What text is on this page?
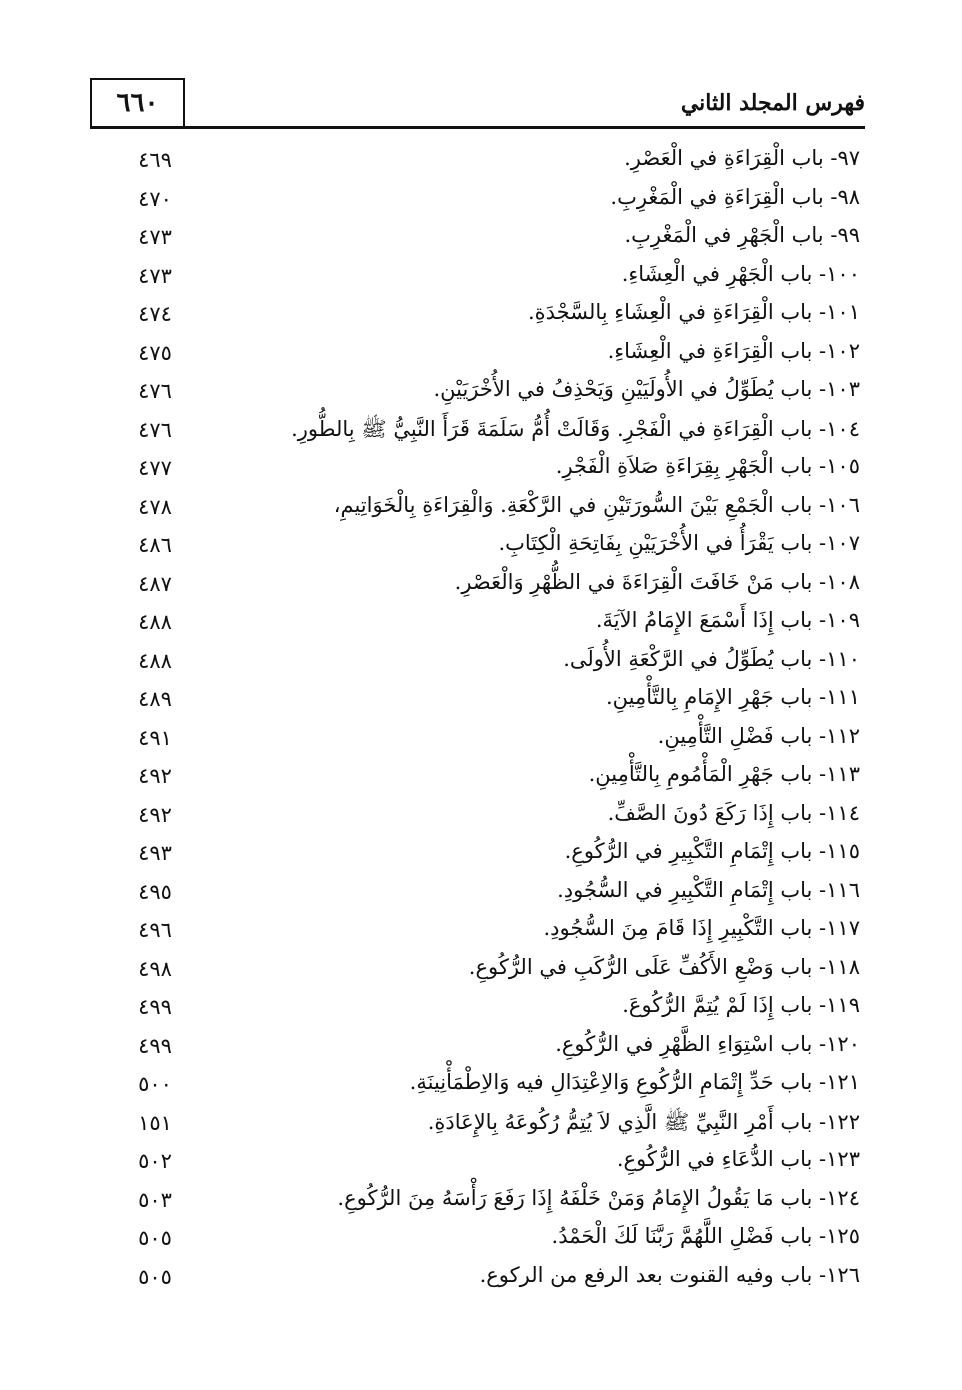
٦٦٠	فهرس المجلد الثاني
٩٧- باب الْقِرَاءَةِ في الْعَصْرِ.
٤٦٩
٩٨- باب الْقِرَاءَةِ في الْمَغْرِبِ.
٤٧٠
٩٩- باب الْجَهْرِ في الْمَغْرِبِ.
٤٧٣
١٠٠- باب الْجَهْرِ في الْعِشَاءِ.
٤٧٣
١٠١- باب الْقِرَاءَةِ في الْعِشَاءِ بِالسَّجْدَةِ.
٤٧٤
١٠٢- باب الْقِرَاءَةِ في الْعِشَاءِ.
٤٧٥
١٠٣- باب يُطَوِّلُ في الأُولَيَيْنِ وَيَحْذِفُ في الأُخْرَيَيْنِ.
٤٧٦
١٠٤- باب الْقِرَاءَةِ في الْفَجْرِ. وَقَالَتْ أُمُّ سَلَمَةَ قَرَأَ النَّبِيُّ ﷺ بِالطُّورِ.
٤٧٦
١٠٥- باب الْجَهْرِ بِقِرَاءَةِ صَلاَةِ الْفَجْرِ.
٤٧٧
١٠٦- باب الْجَمْعِ بَيْنَ السُّورَتَيْنِ في الرَّكْعَةِ. وَالْقِرَاءَةِ بِالْخَوَاتِيمِ،
٤٧٨
١٠٧- باب يَقْرَأُ في الأُخْرَيَيْنِ بِفَاتِحَةِ الْكِتَابِ.
٤٨٦
١٠٨- باب مَنْ خَافَتَ الْقِرَاءَةَ في الظُّهْرِ وَالْعَصْرِ.
٤٨٧
١٠٩- باب إِذَا أَسْمَعَ الإِمَامُ الآيَةَ.
٤٨٨
١١٠- باب يُطَوِّلُ في الرَّكْعَةِ الأُولَى.
٤٨٨
١١١- باب جَهْرِ الإِمَامِ بِالتَّأْمِينِ.
٤٨٩
١١٢- باب فَضْلِ التَّأْمِينِ.
٤٩١
١١٣- باب جَهْرِ الْمَأْمُومِ بِالتَّأْمِينِ.
٤٩٢
١١٤- باب إِذَا رَكَعَ دُونَ الصَّفِّ.
٤٩٢
١١٥- باب إِتْمَامِ التَّكْبِيرِ في الرُّكُوعِ.
٤٩٣
١١٦- باب إِتْمَامِ التَّكْبِيرِ في السُّجُودِ.
٤٩٥
١١٧- باب التَّكْبِيرِ إِذَا قَامَ مِنَ السُّجُودِ.
٤٩٦
١١٨- باب وَضْعِ الأَكُفِّ عَلَى الرُّكَبِ في الرُّكُوعِ.
٤٩٨
١١٩- باب إِذَا لَمْ يُتِمَّ الرُّكُوعَ.
٤٩٩
١٢٠- باب اسْتِوَاءِ الظَّهْرِ في الرُّكُوعِ.
٤٩٩
١٢١- باب حَدِّ إِتْمَامِ الرُّكُوعِ وَالاِعْتِدَالِ فيه وَالاِطْمَأْنِينَةِ.
٥٠٠
١٢٢- باب أَمْرِ النَّبِيِّ ﷺ الَّذِي لاَ يُتِمُّ رُكُوعَهُ بِالإِعَادَةِ.
١٥١
١٢٣- باب الدُّعَاءِ في الرُّكُوعِ.
٥٠٢
١٢٤- باب مَا يَقُولُ الإِمَامُ وَمَنْ خَلْفَهُ إِذَا رَفَعَ رَأْسَهُ مِنَ الرُّكُوعِ.
٥٠٣
١٢٥- باب فَضْلِ اللَّهُمَّ رَبَّنَا لَكَ الْحَمْدُ.
٥٠٥
١٢٦- باب وفيه القنوت بعد الرفع من الركوع.
٥٠٥
